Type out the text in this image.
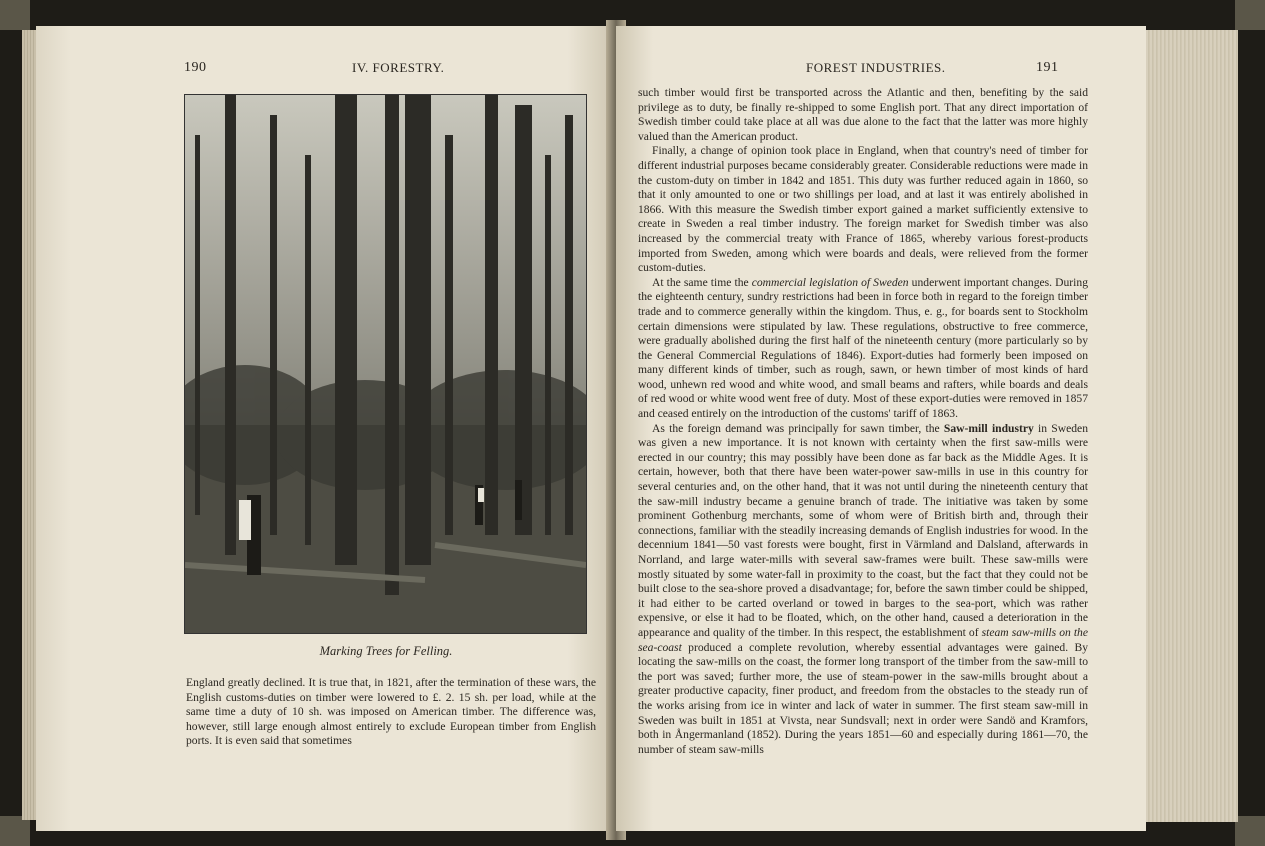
190	IV. FORESTRY.
Marking Trees for Felling.

England greatly declined. It is true that, in 1821, after the termination of these wars, the English customs-duties on timber were lowered to £. 2. 15 sh. per load, while at the same time a duty of 10 sh. was imposed on American timber. The difference was, however, still large enough almost entirely to exclude European timber from English ports. It is even said that sometimes

FOREST INDUSTRIES.	191

such timber would first be transported across the Atlantic and then, benefiting by the said privilege as to duty, be finally re-shipped to some English port. That any direct importation of Swedish timber could take place at all was due alone to the fact that the latter was more highly valued than the American product.

Finally, a change of opinion took place in England, when that country's need of timber for different industrial purposes became considerably greater. Considerable reductions were made in the custom-duty on timber in 1842 and 1851. This duty was further reduced again in 1860, so that it only amounted to one or two shillings per load, and at last it was entirely abolished in 1866. With this measure the Swedish timber export gained a market sufficiently extensive to create in Sweden a real timber industry. The foreign market for Swedish timber was also increased by the commercial treaty with France of 1865, whereby various forest-products imported from Sweden, among which were boards and deals, were relieved from the former custom-duties.

At the same time the commercial legislation of Sweden underwent important changes. During the eighteenth century, sundry restrictions had been in force both in regard to the foreign timber trade and to commerce generally within the kingdom. Thus, e. g., for boards sent to Stockholm certain dimensions were stipulated by law. These regulations, obstructive to free commerce, were gradually abolished during the first half of the nineteenth century (more particularly so by the General Commercial Regulations of 1846). Export-duties had formerly been imposed on many different kinds of timber, such as rough, sawn, or hewn timber of most kinds of hard wood, unhewn red wood and white wood, and small beams and rafters, while boards and deals of red wood or white wood went free of duty. Most of these export-duties were removed in 1857 and ceased entirely on the introduction of the customs' tariff of 1863.

As the foreign demand was principally for sawn timber, the Saw-mill industry in Sweden was given a new importance. It is not known with certainty when the first saw-mills were erected in our country; this may possibly have been done as far back as the Middle Ages. It is certain, however, both that there have been water-power saw-mills in use in this country for several centuries and, on the other hand, that it was not until during the nineteenth century that the saw-mill industry became a genuine branch of trade. The initiative was taken by some prominent Gothenburg merchants, some of whom were of British birth and, through their connections, familiar with the steadily increasing demands of English industries for wood. In the decennium 1841—50 vast forests were bought, first in Värmland and Dalsland, afterwards in Norrland, and large water-mills with several saw-frames were built. These saw-mills were mostly situated by some water-fall in proximity to the coast, but the fact that they could not be built close to the sea-shore proved a disadvantage; for, before the sawn timber could be shipped, it had either to be carted overland or towed in barges to the sea-port, which was rather expensive, or else it had to be floated, which, on the other hand, caused a deterioration in the appearance and quality of the timber. In this respect, the establishment of steam saw-mills on the sea-coast produced a complete revolution, whereby essential advantages were gained. By locating the saw-mills on the coast, the former long transport of the timber from the saw-mill to the port was saved; further more, the use of steam-power in the saw-mills brought about a greater productive capacity, finer product, and freedom from the obstacles to the steady run of the works arising from ice in winter and lack of water in summer. The first steam saw-mill in Sweden was built in 1851 at Vivsta, near Sundsvall; next in order were Sandö and Kramfors, both in Ångermanland (1852). During the years 1851—60 and especially during 1861—70, the number of steam saw-mills
